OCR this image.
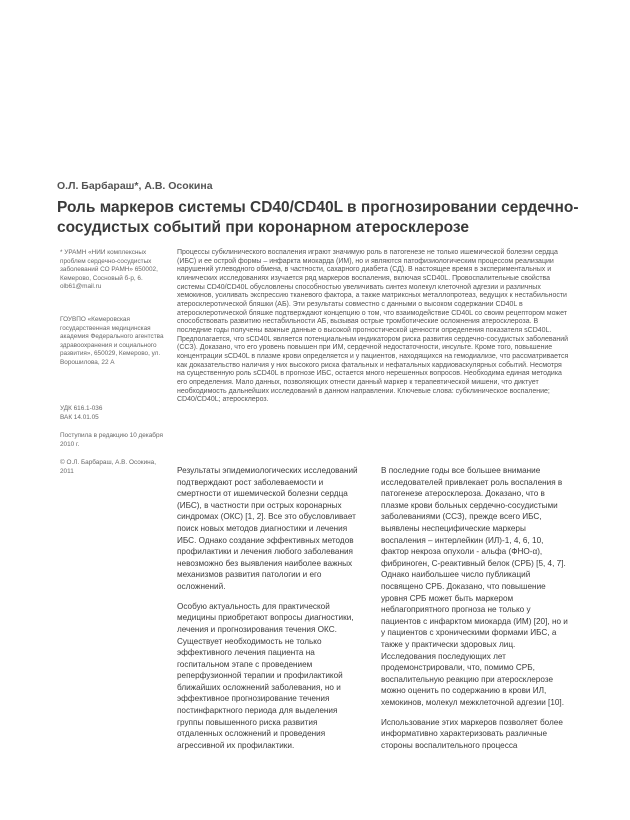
О.Л. Барбараш*, А.В. Осокина
Роль маркеров системы CD40/CD40L в прогнозировании сердечно-сосудистых событий при коронарном атеросклерозе

* УРАМН «НИИ комплексных проблем сердечно-сосудистых заболеваний СО РАМН» 650002, Кемерово, Сосновый б-р, 6. olb61@mail.ru

ГОУВПО «Кемеровская государственная медицинская академия Федерального агентства здравоохранения и социального развития», 650029, Кемерово, ул. Ворошилова, 22 А

УДК 616.1-036

ВАК 14.01.05

Поступила в редакцию 10 декабря 2010 г.

© О.Л. Барбараш, А.В. Осокина, 2011

Процессы субклинического воспаления играют значимую роль в патогенезе не только ишемической болезни сердца (ИБС) и ее острой формы – инфаркта миокарда (ИМ), но и являются патофизиологическим процессом реализации нарушений углеводного обмена, в частности, сахарного диабета (СД). В настоящее время в экспериментальных и клинических исследованиях изучается ряд маркеров воспаления, включая sCD40L. Провоспалительные свойства системы CD40/CD40L обусловлены способностью увеличивать синтез молекул клеточной адгезии и различных хемокинов, усиливать экспрессию тканевого фактора, а также матриксных металлопротеаз, ведущих к нестабильности атеросклеротической бляшки (АБ). Эти результаты совместно с данными о высоком содержании CD40L в атеросклеротической бляшке подтверждают концепцию о том, что взаимодействие CD40L со своим рецептором может способствовать развитию нестабильности АБ, вызывая острые тромботические осложнения атеросклероза. В последние годы получены важные данные о высокой прогностической ценности определения показателя sCD40L. Предполагается, что sCD40L является потенциальным индикатором риска развития сердечно-сосудистых заболеваний (ССЗ). Доказано, что его уровень повышен при ИМ, сердечной недостаточности, инсульте. Кроме того, повышение концентрации sCD40L в плазме крови определяется и у пациентов, находящихся на гемодиализе, что рассматривается как доказательство наличия у них высокого риска фатальных и нефатальных кардиоваскулярных событий. Несмотря на существенную роль sCD40L в прогнозе ИБС, остается много нерешенных вопросов. Необходима единая методика его определения. Мало данных, позволяющих отнести данный маркер к терапевтической мишени, что диктует необходимость дальнейших исследований в данном направлении. Ключевые слова: субклиническое воспаление; CD40/CD40L; атеросклероз.

Результаты эпидемиологических исследований подтверждают рост заболеваемости и смертности от ишемической болезни сердца (ИБС), в частности при острых коронарных синдромах (ОКС) [1, 2]. Все это обусловливает поиск новых методов диагностики и лечения ИБС. Однако создание эффективных методов профилактики и лечения любого заболевания невозможно без выявления наиболее важных механизмов развития патологии и его осложнений.

Особую актуальность для практической медицины приобретают вопросы диагностики, лечения и прогнозирования течения ОКС. Существует необходимость не только эффективного лечения пациента на госпитальном этапе с проведением реперфузионной терапии и профилактикой ближайших осложнений заболевания, но и эффективное прогнозирование течения постинфарктного периода для выделения группы повышенного риска развития отдаленных осложнений и проведения агрессивной их профилактики.

В последние годы все большее внимание исследователей привлекает роль воспаления в патогенезе атеросклероза. Доказано, что в плазме крови больных сердечно-сосудистыми заболеваниями (ССЗ), прежде всего ИБС, выявлены неспецифические маркеры воспаления – интерлейкин (ИЛ)-1, 4, 6, 10, фактор некроза опухоли - альфа (ФНО-α), фибриноген, С-реактивный белок (СРБ) [5, 4, 7]. Однако наибольшее число публикаций посвящено СРБ. Доказано, что повышение уровня СРБ может быть маркером неблагоприятного прогноза не только у пациентов с инфарктом миокарда (ИМ) [20], но и у пациентов с хроническими формами ИБС, а также у практически здоровых лиц. Исследования последующих лет продемонстрировали, что, помимо СРБ, воспалительную реакцию при атеросклерозе можно оценить по содержанию в крови ИЛ, хемокинов, молекул межклеточной адгезии [10].

Использование этих маркеров позволяет более информативно характеризовать различные стороны воспалительного процесса
